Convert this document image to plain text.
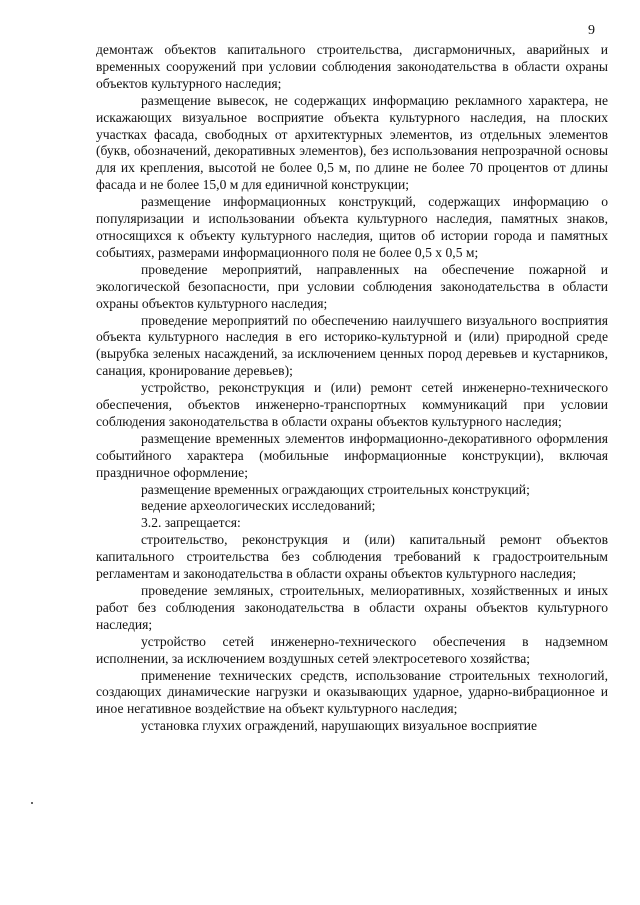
9

демонтаж объектов капитального строительства, дисгармоничных, аварийных и временных сооружений при условии соблюдения законодательства в области охраны объектов культурного наследия;

размещение вывесок, не содержащих информацию рекламного характера, не искажающих визуальное восприятие объекта культурного наследия, на плоских участках фасада, свободных от архитектурных элементов, из отдельных элементов (букв, обозначений, декоративных элементов), без использования непрозрачной основы для их крепления, высотой не более 0,5 м, по длине не более 70 процентов от длины фасада и не более 15,0 м для единичной конструкции;

размещение информационных конструкций, содержащих информацию о популяризации и использовании объекта культурного наследия, памятных знаков, относящихся к объекту культурного наследия, щитов об истории города и памятных событиях, размерами информационного поля не более 0,5 х 0,5 м;

проведение мероприятий, направленных на обеспечение пожарной и экологической безопасности, при условии соблюдения законодательства в области охраны объектов культурного наследия;

проведение мероприятий по обеспечению наилучшего визуального восприятия объекта культурного наследия в его историко-культурной и (или) природной среде (вырубка зеленых насаждений, за исключением ценных пород деревьев и кустарников, санация, кронирование деревьев);

устройство, реконструкция и (или) ремонт сетей инженерно-технического обеспечения, объектов инженерно-транспортных коммуникаций при условии соблюдения законодательства в области охраны объектов культурного наследия;

размещение временных элементов информационно-декоративного оформления событийного характера (мобильные информационные конструкции), включая праздничное оформление;

размещение временных ограждающих строительных конструкций;

ведение археологических исследований;

3.2. запрещается:

строительство, реконструкция и (или) капитальный ремонт объектов капитального строительства без соблюдения требований к градостроительным регламентам и законодательства в области охраны объектов культурного наследия;

проведение земляных, строительных, мелиоративных, хозяйственных и иных работ без соблюдения законодательства в области охраны объектов культурного наследия;

устройство сетей инженерно-технического обеспечения в надземном исполнении, за исключением воздушных сетей электросетевого хозяйства;

применение технических средств, использование строительных технологий, создающих динамические нагрузки и оказывающих ударное, ударно-вибрационное и иное негативное воздействие на объект культурного наследия;

установка глухих ограждений, нарушающих визуальное восприятие
